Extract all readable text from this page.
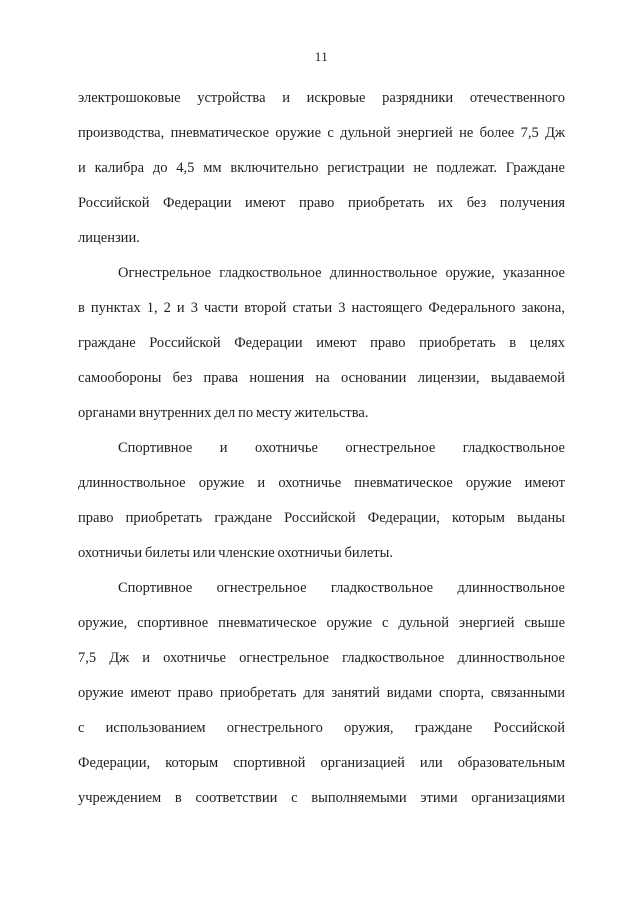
11
электрошоковые устройства и искровые разрядники отечественного
производства, пневматическое оружие с дульной энергией не более 7,5 Дж
и калибра до 4,5 мм включительно регистрации не подлежат. Граждане
Российской Федерации имеют право приобретать их без получения
лицензии.
Огнестрельное гладкоствольное длинноствольное оружие, указанное
в пунктах 1, 2 и 3 части второй статьи 3 настоящего Федерального закона,
граждане Российской Федерации имеют право приобретать в целях
самообороны без права ношения на основании лицензии, выдаваемой
органами внутренних дел по месту жительства.
Спортивное и охотничье огнестрельное гладкоствольное
длинноствольное оружие и охотничье пневматическое оружие имеют
право приобретать граждане Российской Федерации, которым выданы
охотничьи билеты или членские охотничьи билеты.
Спортивное огнестрельное гладкоствольное длинноствольное
оружие, спортивное пневматическое оружие с дульной энергией свыше
7,5 Дж и охотничье огнестрельное гладкоствольное длинноствольное
оружие имеют право приобретать для занятий видами спорта, связанными
с использованием огнестрельного оружия, граждане Российской
Федерации, которым спортивной организацией или образовательным
учреждением в соответствии с выполняемыми этими организациями
